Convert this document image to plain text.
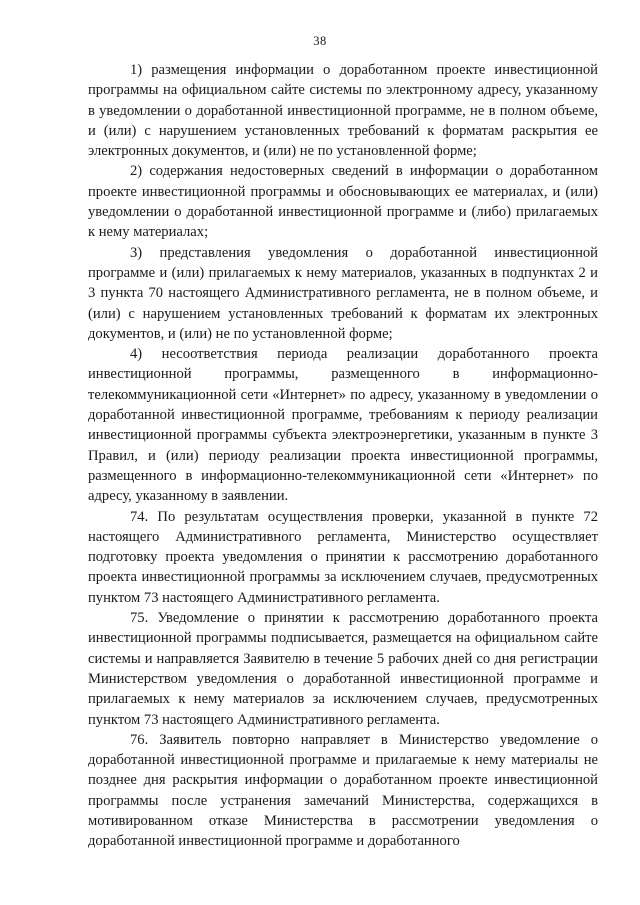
38

1) размещения информации о доработанном проекте инвестиционной программы на официальном сайте системы по электронному адресу, указанному в уведомлении о доработанной инвестиционной программе, не в полном объеме, и (или) с нарушением установленных требований к форматам раскрытия ее электронных документов, и (или) не по установленной форме;

2) содержания недостоверных сведений в информации о доработанном проекте инвестиционной программы и обосновывающих ее материалах, и (или) уведомлении о доработанной инвестиционной программе и (либо) прилагаемых к нему материалах;

3) представления уведомления о доработанной инвестиционной программе и (или) прилагаемых к нему материалов, указанных в подпунктах 2 и 3 пункта 70 настоящего Административного регламента, не в полном объеме, и (или) с нарушением установленных требований к форматам их электронных документов, и (или) не по установленной форме;

4) несоответствия периода реализации доработанного проекта инвестиционной программы, размещенного в информационно-телекоммуникационной сети «Интернет» по адресу, указанному в уведомлении о доработанной инвестиционной программе, требованиям к периоду реализации инвестиционной программы субъекта электроэнергетики, указанным в пункте 3 Правил, и (или) периоду реализации проекта инвестиционной программы, размещенного в информационно-телекоммуникационной сети «Интернет» по адресу, указанному в заявлении.

74. По результатам осуществления проверки, указанной в пункте 72 настоящего Административного регламента, Министерство осуществляет подготовку проекта уведомления о принятии к рассмотрению доработанного проекта инвестиционной программы за исключением случаев, предусмотренных пунктом 73 настоящего Административного регламента.

75. Уведомление о принятии к рассмотрению доработанного проекта инвестиционной программы подписывается, размещается на официальном сайте системы и направляется Заявителю в течение 5 рабочих дней со дня регистрации Министерством уведомления о доработанной инвестиционной программе и прилагаемых к нему материалов за исключением случаев, предусмотренных пунктом 73 настоящего Административного регламента.

76. Заявитель повторно направляет в Министерство уведомление о доработанной инвестиционной программе и прилагаемые к нему материалы не позднее дня раскрытия информации о доработанном проекте инвестиционной программы после устранения замечаний Министерства, содержащихся в мотивированном отказе Министерства в рассмотрении уведомления о доработанной инвестиционной программе и доработанного
